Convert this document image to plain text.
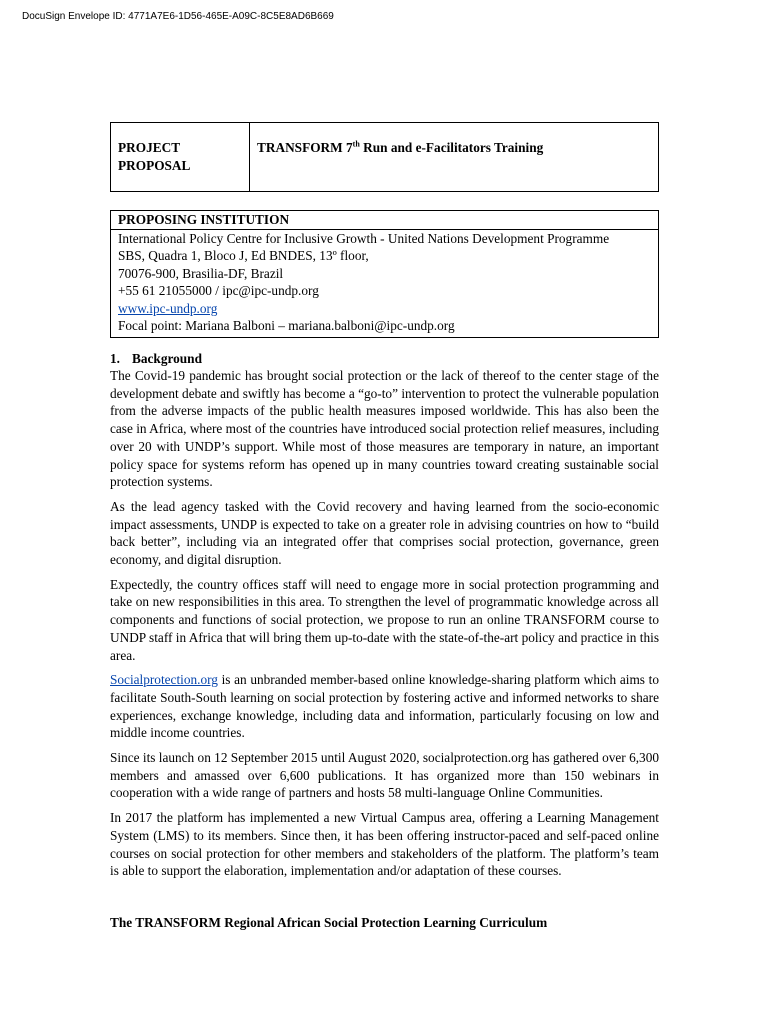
DocuSign Envelope ID: 4771A7E6-1D56-465E-A09C-8C5E8AD6B669
PROJECT
PROPOSAL	TRANSFORM 7th Run and e-Facilitators Training
PROPOSING INSTITUTION

International Policy Centre for Inclusive Growth - United Nations Development Programme
SBS, Quadra 1, Bloco J, Ed BNDES, 13º floor,
70076-900, Brasilia-DF, Brazil
+55 61 21055000 / ipc@ipc-undp.org
www.ipc-undp.org
Focal point: Mariana Balboni – mariana.balboni@ipc-undp.org
1. Background

The Covid-19 pandemic has brought social protection or the lack of thereof to the center stage of the development debate and swiftly has become a “go-to” intervention to protect the vulnerable population from the adverse impacts of the public health measures imposed worldwide. This has also been the case in Africa, where most of the countries have introduced social protection relief measures, including over 20 with UNDP’s support. While most of those measures are temporary in nature, an important policy space for systems reform has opened up in many countries toward creating sustainable social protection systems.

As the lead agency tasked with the Covid recovery and having learned from the socio-economic impact assessments, UNDP is expected to take on a greater role in advising countries on how to “build back better”, including via an integrated offer that comprises social protection, governance, green economy, and digital disruption.

Expectedly, the country offices staff will need to engage more in social protection programming and take on new responsibilities in this area. To strengthen the level of programmatic knowledge across all components and functions of social protection, we propose to run an online TRANSFORM course to UNDP staff in Africa that will bring them up-to-date with the state-of-the-art policy and practice in this area.

Socialprotection.org is an unbranded member-based online knowledge-sharing platform which aims to facilitate South-South learning on social protection by fostering active and informed networks to share experiences, exchange knowledge, including data and information, particularly focusing on low and middle income countries.

Since its launch on 12 September 2015 until August 2020, socialprotection.org has gathered over 6,300 members and amassed over 6,600 publications. It has organized more than 150 webinars in cooperation with a wide range of partners and hosts 58 multi-language Online Communities.

In 2017 the platform has implemented a new Virtual Campus area, offering a Learning Management System (LMS) to its members. Since then, it has been offering instructor-paced and self-paced online courses on social protection for other members and stakeholders of the platform. The platform’s team is able to support the elaboration, implementation and/or adaptation of these courses.

The TRANSFORM Regional African Social Protection Learning Curriculum
